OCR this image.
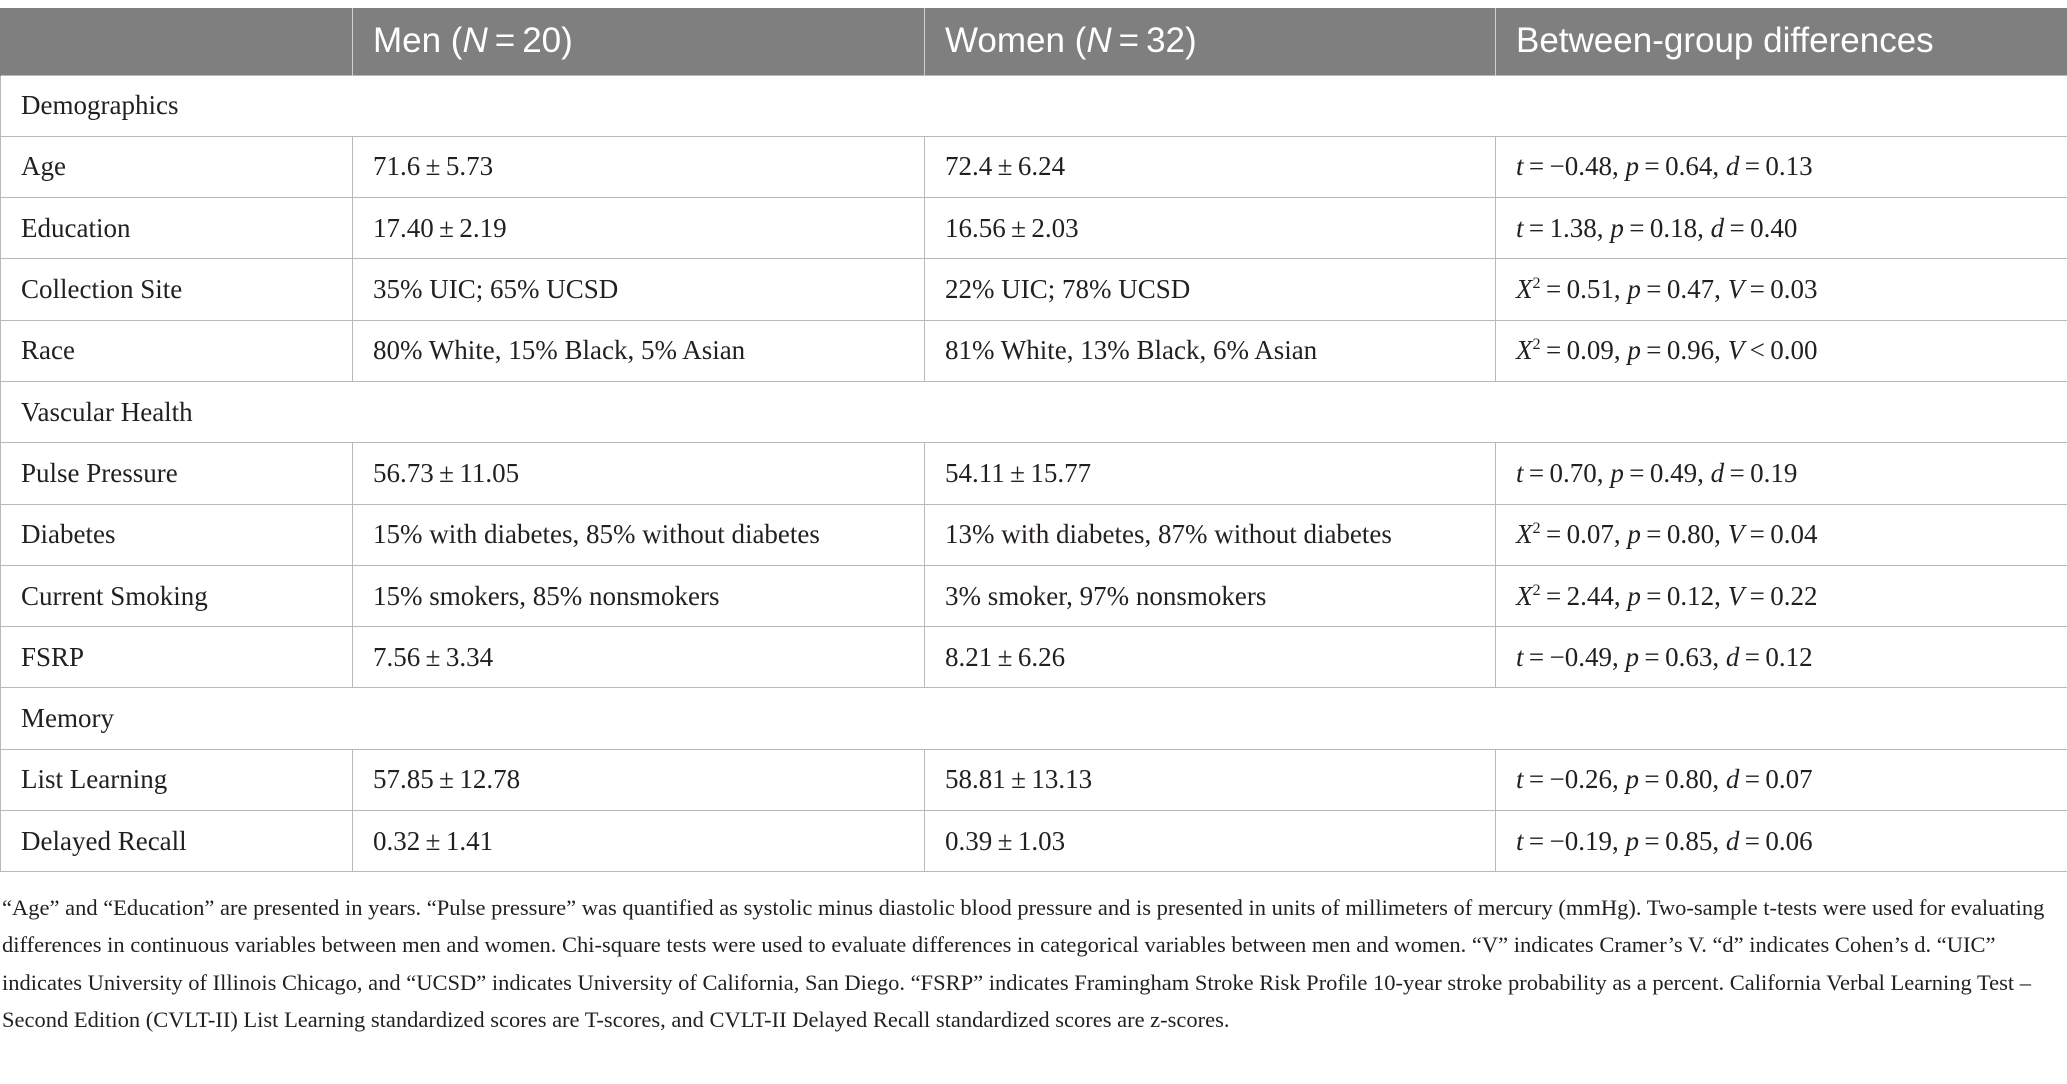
	Men (N = 20)	Women (N = 32)	Between-group differences
Demographics			
Age	71.6 ± 5.73	72.4 ± 6.24	t = −0.48, p = 0.64, d = 0.13
Education	17.40 ± 2.19	16.56 ± 2.03	t = 1.38, p = 0.18, d = 0.40
Collection Site	35% UIC; 65% UCSD	22% UIC; 78% UCSD	$X^2 = 0.51$, p = 0.47, V = 0.03
Race	80% White, 15% Black, 5% Asian	81% White, 13% Black, 6% Asian	$X^2 = 0.09$, p = 0.96, V < 0.00
Vascular Health			
Pulse Pressure	56.73 ± 11.05	54.11 ± 15.77	t = 0.70, p = 0.49, d = 0.19
Diabetes	15% with diabetes, 85% without diabetes	13% with diabetes, 87% without diabetes	$X^2 = 0.07$, p = 0.80, V = 0.04
Current Smoking	15% smokers, 85% nonsmokers	3% smoker, 97% nonsmokers	$X^2 = 2.44$, p = 0.12, V = 0.22
FSRP	7.56 ± 3.34	8.21 ± 6.26	t = −0.49, p = 0.63, d = 0.12
Memory			
List Learning	57.85 ± 12.78	58.81 ± 13.13	t = −0.26, p = 0.80, d = 0.07
Delayed Recall	0.32 ± 1.41	0.39 ± 1.03	t = −0.19, p = 0.85, d = 0.06

“Age” and “Education” are presented in years. “Pulse pressure” was quantified as systolic minus diastolic blood pressure and is presented in units of millimeters of mercury (mmHg). Two-sample t-tests were used for evaluating differences in continuous variables between men and women. Chi-square tests were used to evaluate differences in categorical variables between men and women. “V” indicates Cramer’s V. “d” indicates Cohen’s d. “UIC” indicates University of Illinois Chicago, and “UCSD” indicates University of California, San Diego. “FSRP” indicates Framingham Stroke Risk Profile 10-year stroke probability as a percent. California Verbal Learning Test – Second Edition (CVLT-II) List Learning standardized scores are T-scores, and CVLT-II Delayed Recall standardized scores are z-scores.
